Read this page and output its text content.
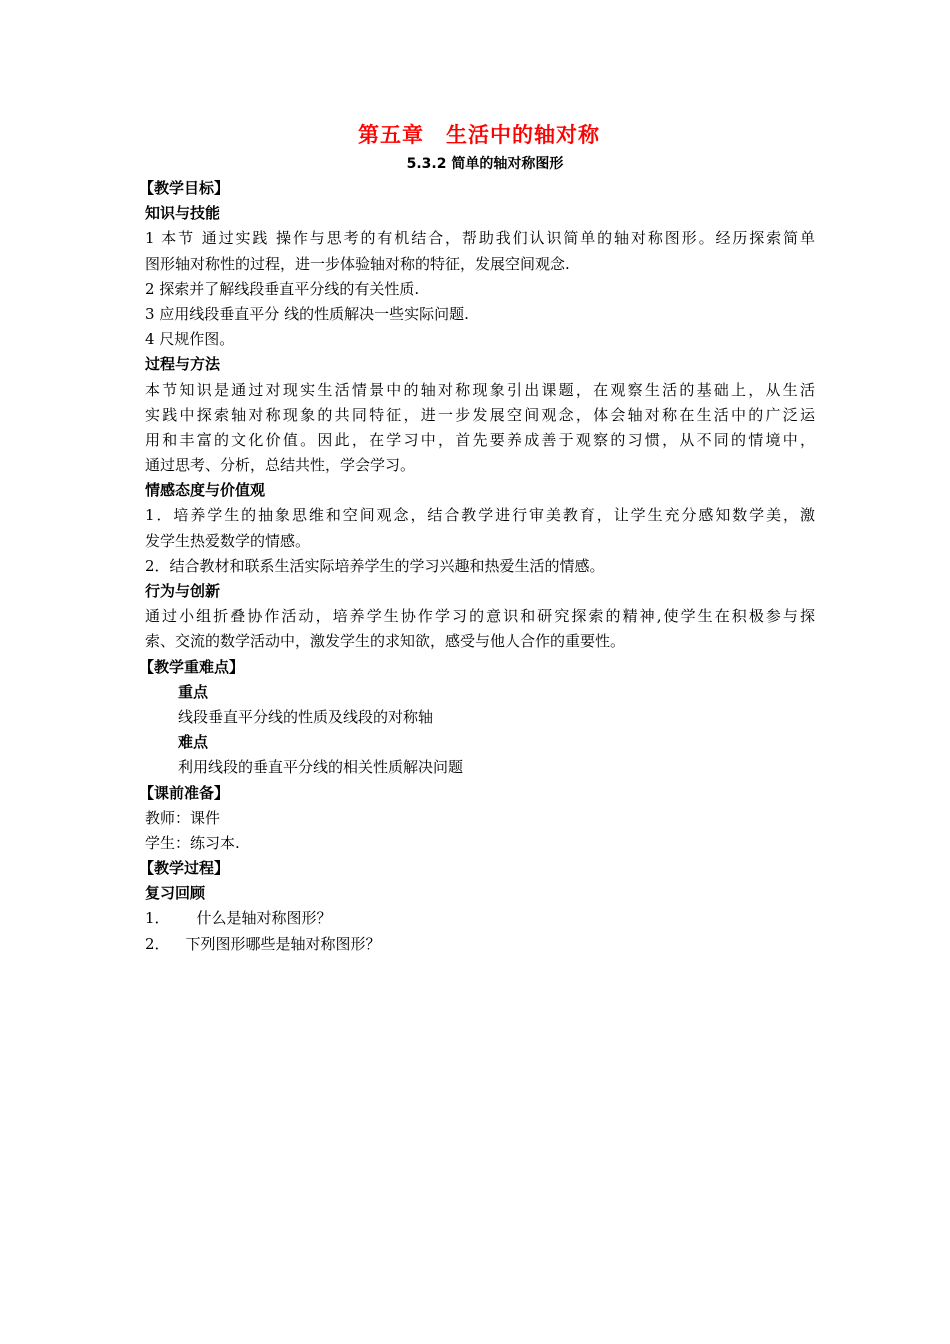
第五章　生活中的轴对称
5.3.2 简单的轴对称图形
【教学目标】
知识与技能
1 本节 通过实践 操作与思考的有机结合，帮助我们认识简单的轴对称图形。经历探索简单
图形轴对称性的过程，进一步体验轴对称的特征，发展空间观念.
2 探索并了解线段垂直平分线的有关性质.
3 应用线段垂直平分 线的性质解决一些实际问题.
4 尺规作图。
过程与方法
本节知识是通过对现实生活情景中的轴对称现象引出课题，在观察生活的基础上，从生活
实践中探索轴对称现象的共同特征，进一步发展空间观念，体会轴对称在生活中的广泛运
用和丰富的文化价值。因此，在学习中，首先要养成善于观察的习惯，从不同的情境中，
通过思考、分析，总结共性，学会学习。
情感态度与价值观
1．培养学生的抽象思维和空间观念，结合教学进行审美教育，让学生充分感知数学美，激
发学生热爱数学的情感。
2．结合教材和联系生活实际培养学生的学习兴趣和热爱生活的情感。
行为与创新
通过小组折叠协作活动，培养学生协作学习的意识和研究探索的精神,使学生在积极参与探
索、交流的数学活动中，激发学生的求知欲，感受与他人合作的重要性。
【教学重难点】
重点
线段垂直平分线的性质及线段的对称轴
难点
利用线段的垂直平分线的相关性质解决问题
【课前准备】
教师：课件
学生：练习本.
【教学过程】
复习回顾
1． 什么是轴对称图形？
2． 下列图形哪些是轴对称图形？
